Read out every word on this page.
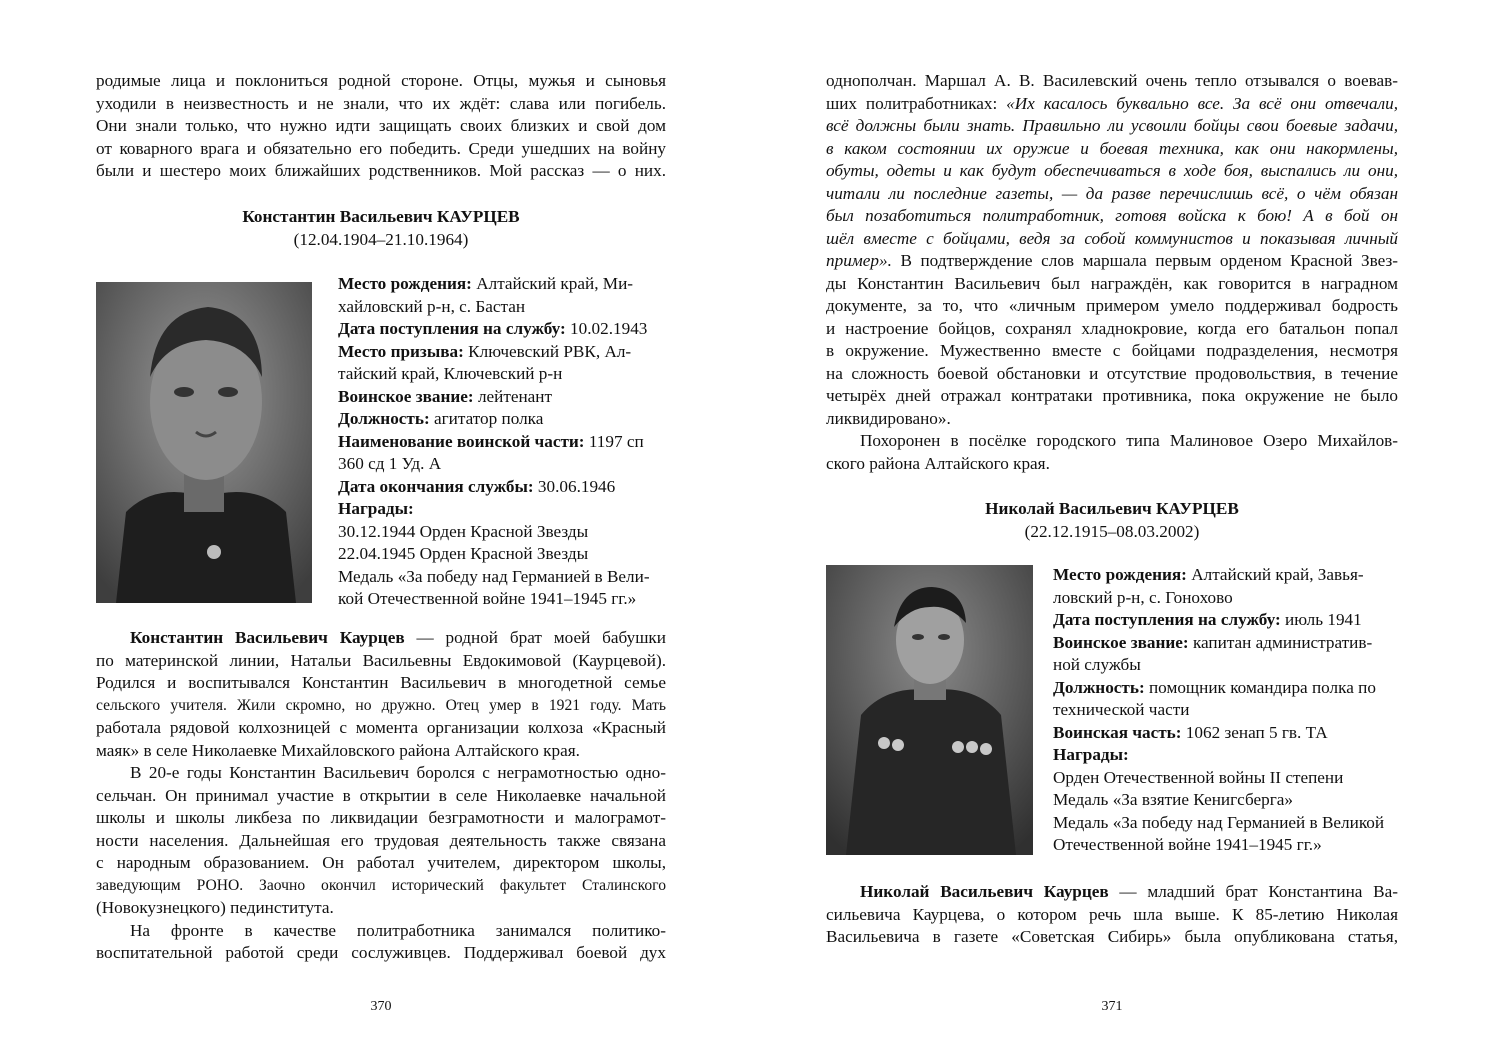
родимые лица и поклониться родной стороне. Отцы, мужья и сыновья
уходили в неизвестность и не знали, что их ждёт: слава или погибель.
Они знали только, что нужно идти защищать своих близких и свой дом
от коварного врага и обязательно его победить. Среди ушедших на войну
были и шестеро моих ближайших родственников. Мой рассказ — о них.
Константин Васильевич КАУРЦЕВ
(12.04.1904–21.10.1964)
Место рождения: Алтайский край, Ми-
хайловский р-н, с. Бастан
Дата поступления на службу: 10.02.1943
Место призыва: Ключевский РВК, Ал-
тайский край, Ключевский р-н
Воинское звание: лейтенант
Должность: агитатор полка
Наименование воинской части: 1197 сп
360 сд 1 Уд. А
Дата окончания службы: 30.06.1946
Награды:
30.12.1944 Орден Красной Звезды
22.04.1945 Орден Красной Звезды
Медаль «За победу над Германией в Вели-
кой Отечественной войне 1941–1945 гг.»
Константин Васильевич Каурцев — родной брат моей бабушки
по материнской линии, Натальи Васильевны Евдокимовой (Каурцевой).
Родился и воспитывался Константин Васильевич в многодетной семье
сельского учителя. Жили скромно, но дружно. Отец умер в 1921 году. Мать
работала рядовой колхозницей с момента организации колхоза «Красный
маяк» в селе Николаевке Михайловского района Алтайского края.
В 20-е годы Константин Васильевич боролся с неграмотностью одно-
сельчан. Он принимал участие в открытии в селе Николаевке начальной
школы и школы ликбеза по ликвидации безграмотности и малограмот-
ности населения. Дальнейшая его трудовая деятельность также связана
с народным образованием. Он работал учителем, директором школы,
заведующим РОНО. Заочно окончил исторический факультет Сталинского
(Новокузнецкого) пединститута.
На фронте в качестве политработника занимался политико-
воспитательной работой среди сослуживцев. Поддерживал боевой дух
370
однополчан. Маршал А. В. Василевский очень тепло отзывался о воевав-
ших политработниках: «Их касалось буквально все. За всё они отвечали,
всё должны были знать. Правильно ли усвоили бойцы свои боевые задачи,
в каком состоянии их оружие и боевая техника, как они накормлены,
обуты, одеты и как будут обеспечиваться в ходе боя, выспались ли они,
читали ли последние газеты, — да разве перечислишь всё, о чём обязан
был позаботиться политработник, готовя войска к бою! А в бой он
шёл вместе с бойцами, ведя за собой коммунистов и показывая личный
пример». В подтверждение слов маршала первым орденом Красной Звез-
ды Константин Васильевич был награждён, как говорится в наградном
документе, за то, что «личным примером умело поддерживал бодрость
и настроение бойцов, сохранял хладнокровие, когда его батальон попал
в окружение. Мужественно вместе с бойцами подразделения, несмотря
на сложность боевой обстановки и отсутствие продовольствия, в течение
четырёх дней отражал контратаки противника, пока окружение не было
ликвидировано».
Похоронен в посёлке городского типа Малиновое Озеро Михайлов-
ского района Алтайского края.
Николай Васильевич КАУРЦЕВ
(22.12.1915–08.03.2002)
Место рождения: Алтайский край, Завья-
ловский р-н, с. Гонохово
Дата поступления на службу: июль 1941
Воинское звание: капитан административ-
ной службы
Должность: помощник командира полка по
технической части
Воинская часть: 1062 зенап 5 гв. ТА
Награды:
Орден Отечественной войны II степени
Медаль «За взятие Кенигсберга»
Медаль «За победу над Германией в Великой
Отечественной войне 1941–1945 гг.»
Николай Васильевич Каурцев — младший брат Константина Ва-
сильевича Каурцева, о котором речь шла выше. К 85-летию Николая
Васильевича в газете «Советская Сибирь» была опубликована статья,
371
